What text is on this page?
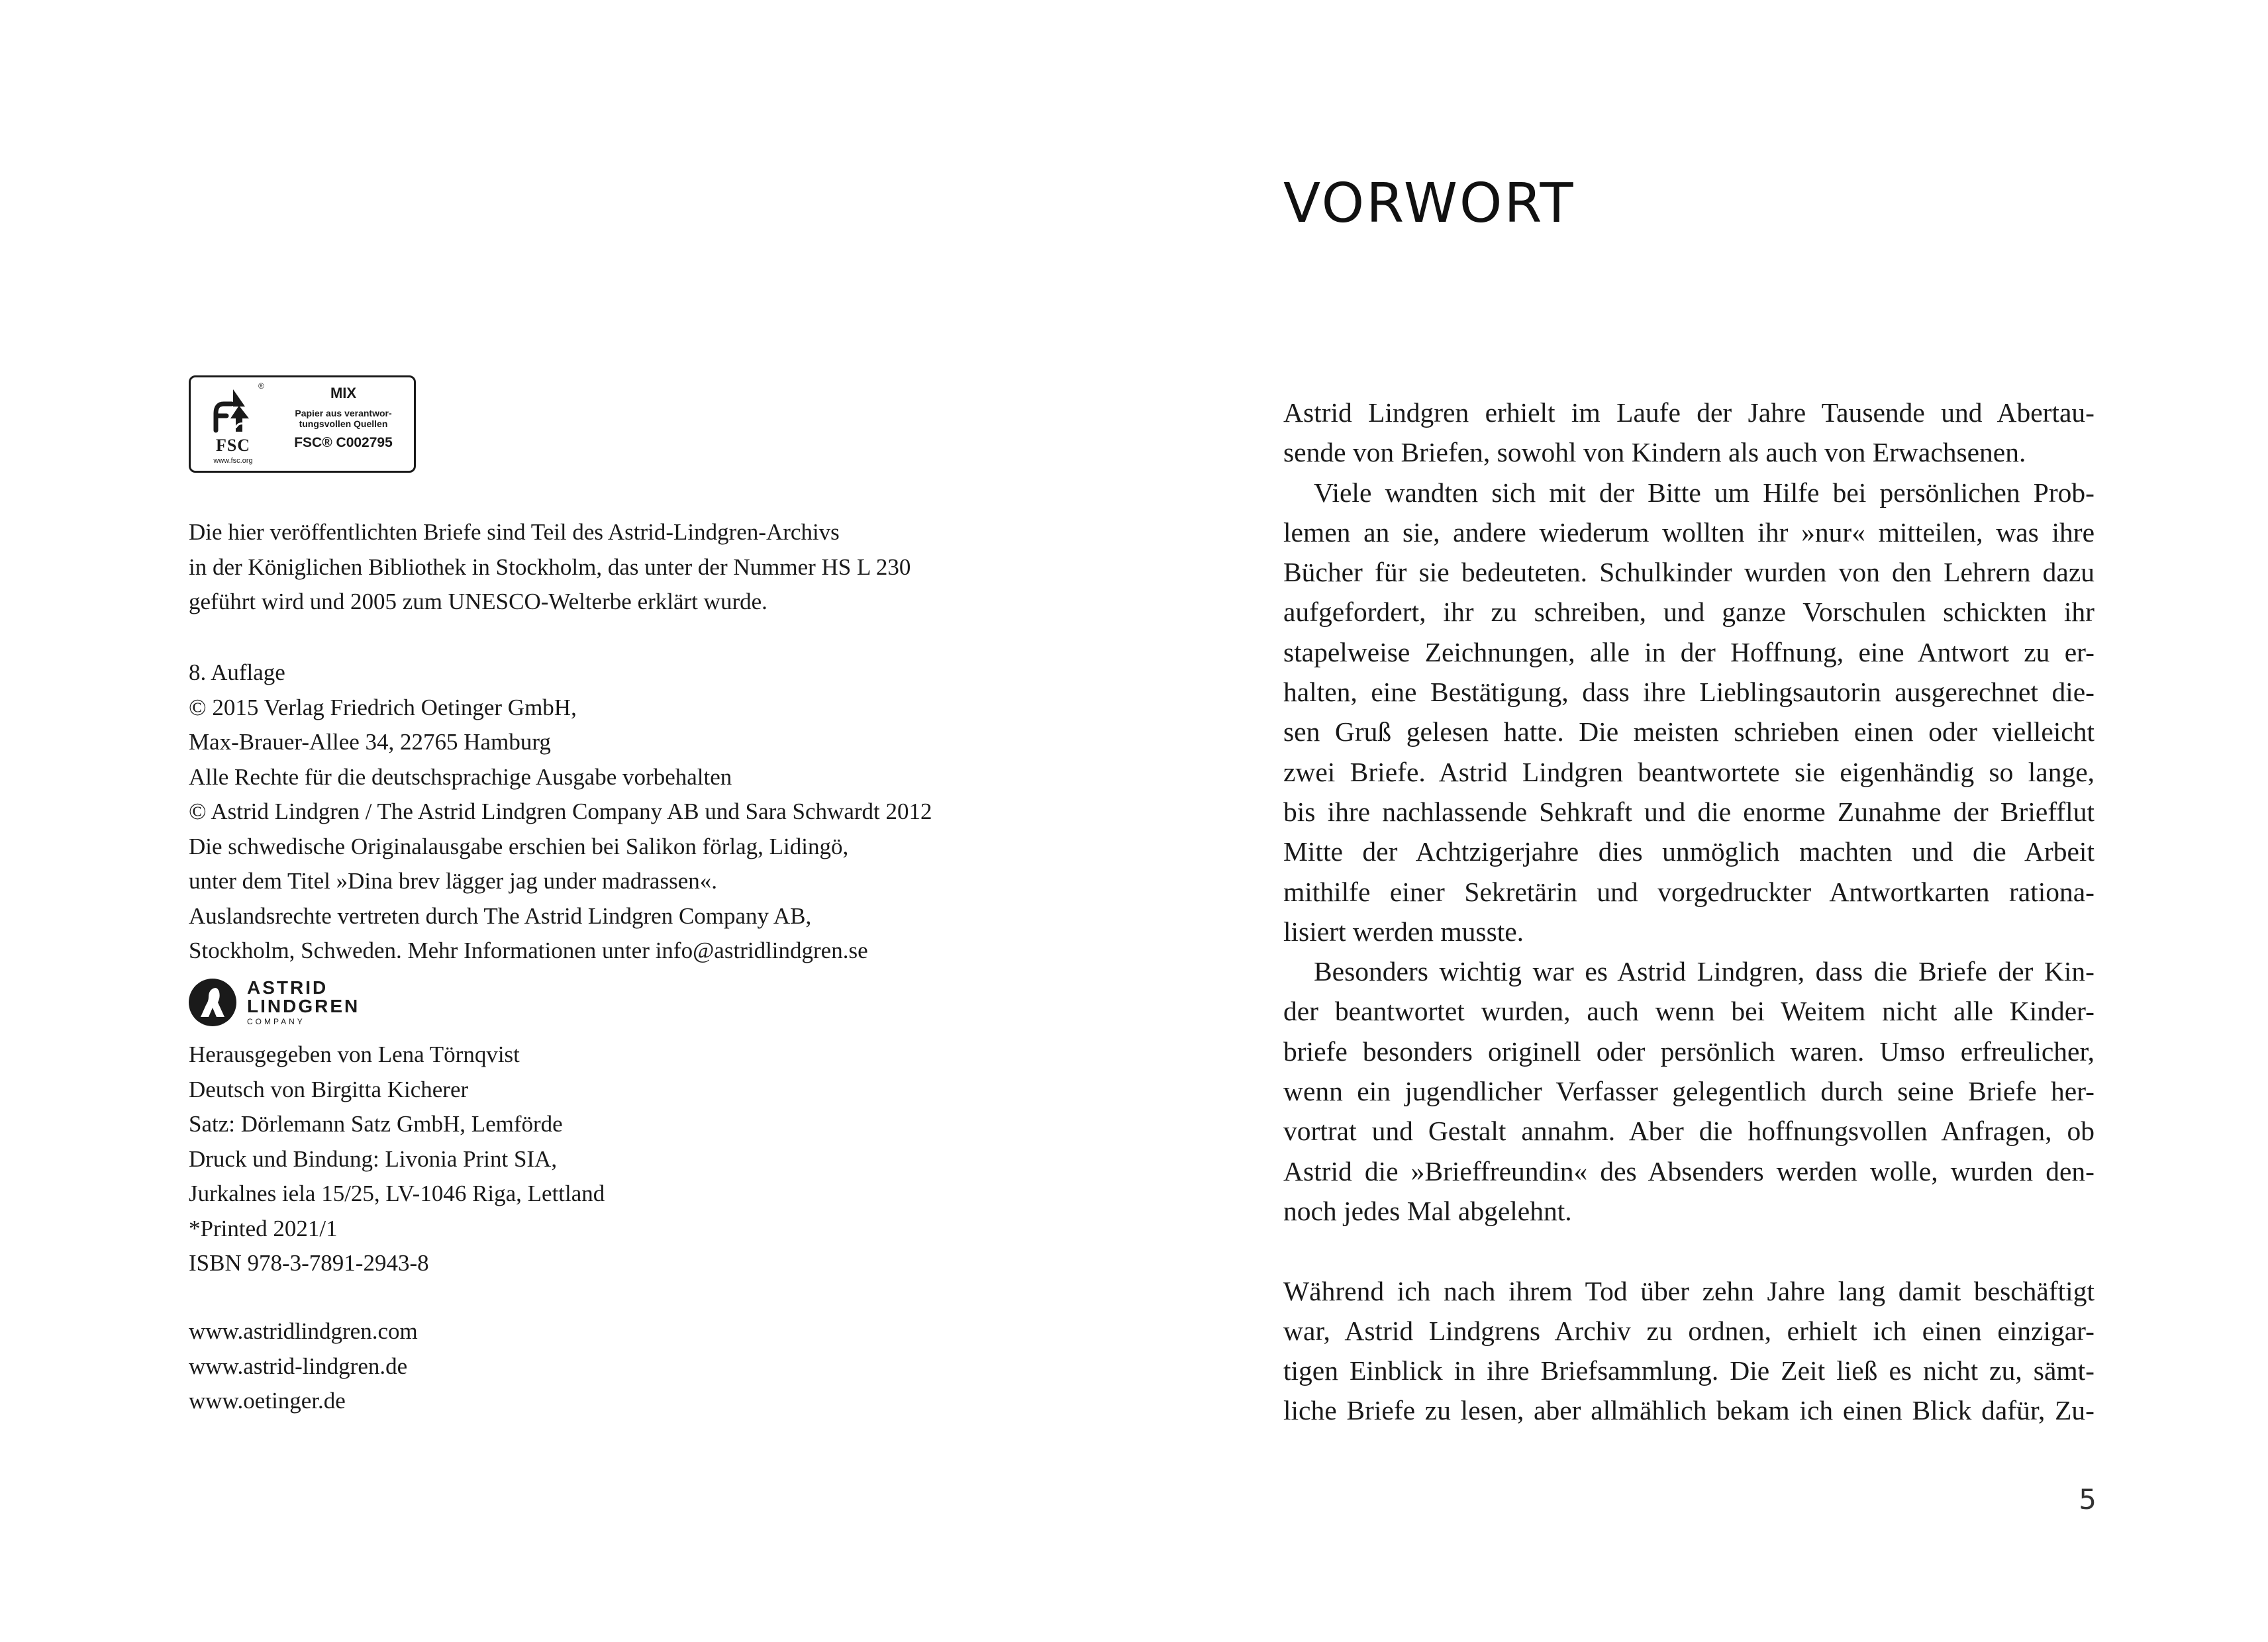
®
FSC
www.fsc.org
MIX
Papier aus verantwor-
tungsvollen Quellen
FSC® C002795
Die hier veröffentlichten Briefe sind Teil des Astrid-Lindgren-Archivs
in der Königlichen Bibliothek in Stockholm, das unter der Nummer HS L 230
geführt wird und 2005 zum UNESCO-Welterbe erklärt wurde.
8. Auflage
© 2015 Verlag Friedrich Oetinger GmbH,
Max-Brauer-Allee 34, 22765 Hamburg
Alle Rechte für die deutschsprachige Ausgabe vorbehalten
© Astrid Lindgren / The Astrid Lindgren Company AB und Sara Schwardt 2012
Die schwedische Originalausgabe erschien bei Salikon förlag, Lidingö,
unter dem Titel »Dina brev lägger jag under madrassen«.
Auslandsrechte vertreten durch The Astrid Lindgren Company AB,
Stockholm, Schweden. Mehr Informationen unter info@astridlindgren.se
ASTRID
LINDGREN
COMPANY
Herausgegeben von Lena Törnqvist
Deutsch von Birgitta Kicherer
Satz: Dörlemann Satz GmbH, Lemförde
Druck und Bindung: Livonia Print SIA,
Jurkalnes iela 15/25, LV-1046 Riga, Lettland
*Printed 2021/1
ISBN 978-3-7891-2943-8
www.astridlindgren.com
www.astrid-lindgren.de
www.oetinger.de
VORWORT
Astrid Lindgren erhielt im Laufe der Jahre Tausende und Abertau-
sende von Briefen, sowohl von Kindern als auch von Erwachsenen.
Viele wandten sich mit der Bitte um Hilfe bei persönlichen Prob-
lemen an sie, andere wiederum wollten ihr »nur« mitteilen, was ihre
Bücher für sie bedeuteten. Schulkinder wurden von den Lehrern dazu
aufgefordert, ihr zu schreiben, und ganze Vorschulen schickten ihr
stapelweise Zeichnungen, alle in der Hoffnung, eine Antwort zu er-
halten, eine Bestätigung, dass ihre Lieblingsautorin ausgerechnet die-
sen Gruß gelesen hatte. Die meisten schrieben einen oder vielleicht
zwei Briefe. Astrid Lindgren beantwortete sie eigenhändig so lange,
bis ihre nachlassende Sehkraft und die enorme Zunahme der Briefflut
Mitte der Achtzigerjahre dies unmöglich machten und die Arbeit
mithilfe einer Sekretärin und vorgedruckter Antwortkarten rationa-
lisiert werden musste.
Besonders wichtig war es Astrid Lindgren, dass die Briefe der Kin-
der beantwortet wurden, auch wenn bei Weitem nicht alle Kinder-
briefe besonders originell oder persönlich waren. Umso erfreulicher,
wenn ein jugendlicher Verfasser gelegentlich durch seine Briefe her-
vortrat und Gestalt annahm. Aber die hoffnungsvollen Anfragen, ob
Astrid die »Brieffreundin« des Absenders werden wolle, wurden den-
noch jedes Mal abgelehnt.
Während ich nach ihrem Tod über zehn Jahre lang damit beschäftigt
war, Astrid Lindgrens Archiv zu ordnen, erhielt ich einen einzigar-
tigen Einblick in ihre Briefsammlung. Die Zeit ließ es nicht zu, sämt-
liche Briefe zu lesen, aber allmählich bekam ich einen Blick dafür, Zu-
5
